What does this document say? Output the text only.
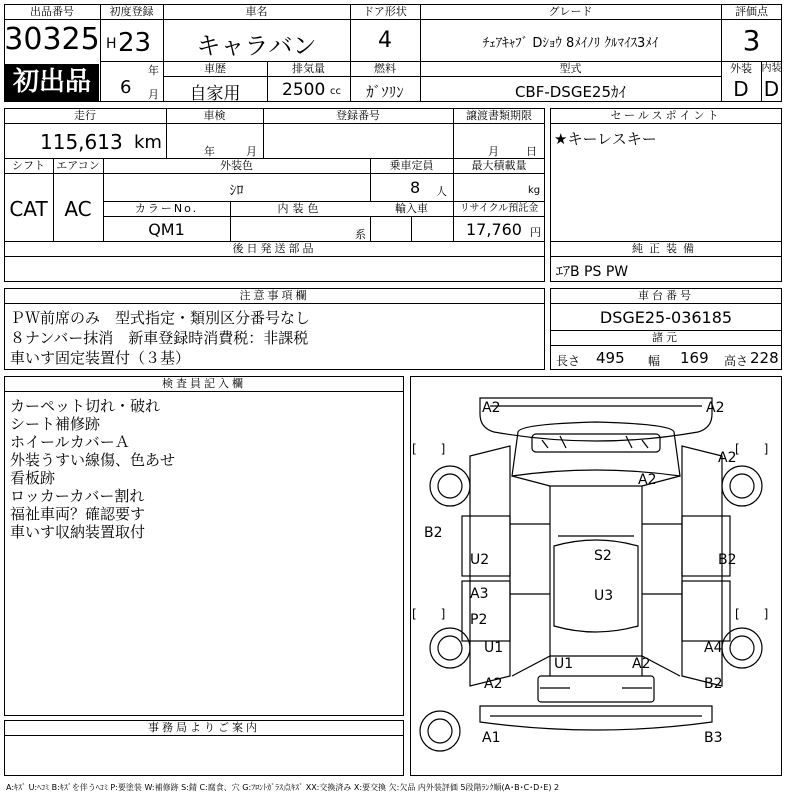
出品番号
30325
初出品
初度登録
H 23
年
6 月
車名
キャラバン
ドア形状
4
グレード
ﾁｪｱｷｬﾌﾞ Dｼｮｳ 8ﾒｲﾉﾘ ｸﾙﾏｲｽ3ﾒｲ
評価点
3
外装 内装
D D
車歴
自家用
排気量
2500 cc
燃料
ｶﾞｿﾘﾝ
型式
CBF-DSGE25ｶｲ
走行
115,613 km
車検
年	月
登録番号	譲渡書類期限
月 日
シフト
CAT
エアコン
AC
外装色
ｼﾛ
乗車定員
8 人
最大積載量
kg
カラーNo.
QM1
内装色
系
輸入車	リサイクル預託金
17,760 円
後日発送部品
セールスポイント
★キーレスキー
純正装備
ｴｱB PS PW
注意事項欄
ＰＷ前席のみ　型式指定・類別区分番号なし
８ナンバー抹消　新車登録時消費税：非課税
車いす固定装置付（３基）
車台番号
DSGE25-036185
諸元
長さ 495 幅 169 高さ 228
検査員記入欄
カーペット切れ・破れ
シート補修跡
ホイールカバーＡ
外装うすい線傷、色あせ
看板跡
ロッカーカバー割れ
福祉車両？確認要す
車いす収納装置取付
事務局よりご案内
[　　]	[　　]
[　　]	[　　]
A2	A2
A2
A2
B2
U2	S2	B2
A3	U3
P2
U1	A4
U1	A2
A2	B2
A1	B3
A:ｷｽﾞ U:ﾍｺﾐ B:ｷｽﾞを伴うﾍｺﾐ P:要塗装 W:補修跡 S:錆 C:腐食、穴 G:ﾌﾛﾝﾄｶﾞﾗｽ点ｷｽﾞ XX:交換済み X:要交換 欠:欠品 内外装評価 5段階ﾗﾝｸ順(A･B･C･D･E) 2
